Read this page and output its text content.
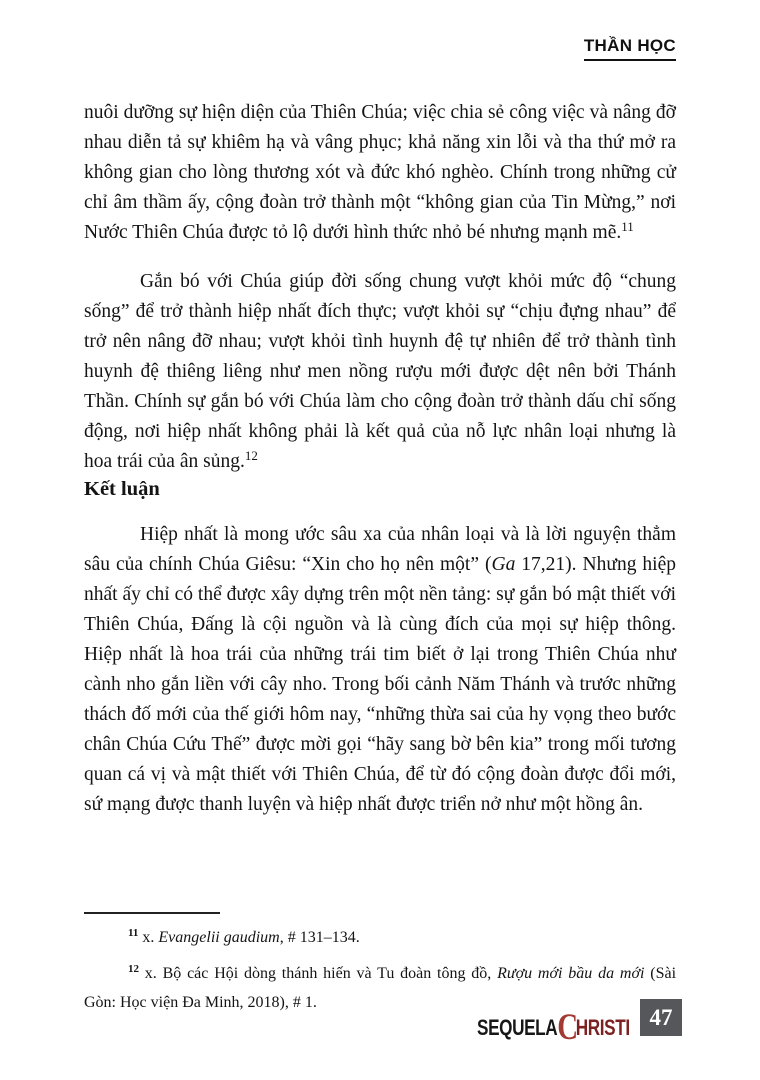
THẦN HỌC

nuôi dưỡng sự hiện diện của Thiên Chúa; việc chia sẻ công việc và nâng đỡ nhau diễn tả sự khiêm hạ và vâng phục; khả năng xin lỗi và tha thứ mở ra không gian cho lòng thương xót và đức khó nghèo. Chính trong những cử chỉ âm thầm ấy, cộng đoàn trở thành một “không gian của Tin Mừng,” nơi Nước Thiên Chúa được tỏ lộ dưới hình thức nhỏ bé nhưng mạnh mẽ.$^{11}$

Gắn bó với Chúa giúp đời sống chung vượt khỏi mức độ “chung sống” để trở thành hiệp nhất đích thực; vượt khỏi sự “chịu đựng nhau” để trở nên nâng đỡ nhau; vượt khỏi tình huynh đệ tự nhiên để trở thành tình huynh đệ thiêng liêng như men nồng rượu mới được dệt nên bởi Thánh Thần. Chính sự gắn bó với Chúa làm cho cộng đoàn trở thành dấu chỉ sống động, nơi hiệp nhất không phải là kết quả của nỗ lực nhân loại nhưng là hoa trái của ân sủng.$^{12}$

Kết luận

Hiệp nhất là mong ước sâu xa của nhân loại và là lời nguyện thẳm sâu của chính Chúa Giêsu: “Xin cho họ nên một” (Ga 17,21). Nhưng hiệp nhất ấy chỉ có thể được xây dựng trên một nền tảng: sự gắn bó mật thiết với Thiên Chúa, Đấng là cội nguồn và là cùng đích của mọi sự hiệp thông. Hiệp nhất là hoa trái của những trái tim biết ở lại trong Thiên Chúa như cành nho gắn liền với cây nho. Trong bối cảnh Năm Thánh và trước những thách đố mới của thế giới hôm nay, “những thừa sai của hy vọng theo bước chân Chúa Cứu Thế” được mời gọi “hãy sang bờ bên kia” trong mối tương quan cá vị và mật thiết với Thiên Chúa, để từ đó cộng đoàn được đổi mới, sứ mạng được thanh luyện và hiệp nhất được triển nở như một hồng ân.

$^{11}$ x. Evangelii gaudium, # 131–134.

$^{12}$ x. Bộ các Hội dòng thánh hiến và Tu đoàn tông đồ, Rượu mới bầu da mới (Sài Gòn: Học viện Đa Minh, 2018), # 1.

SEQUELACHRISTI 47
